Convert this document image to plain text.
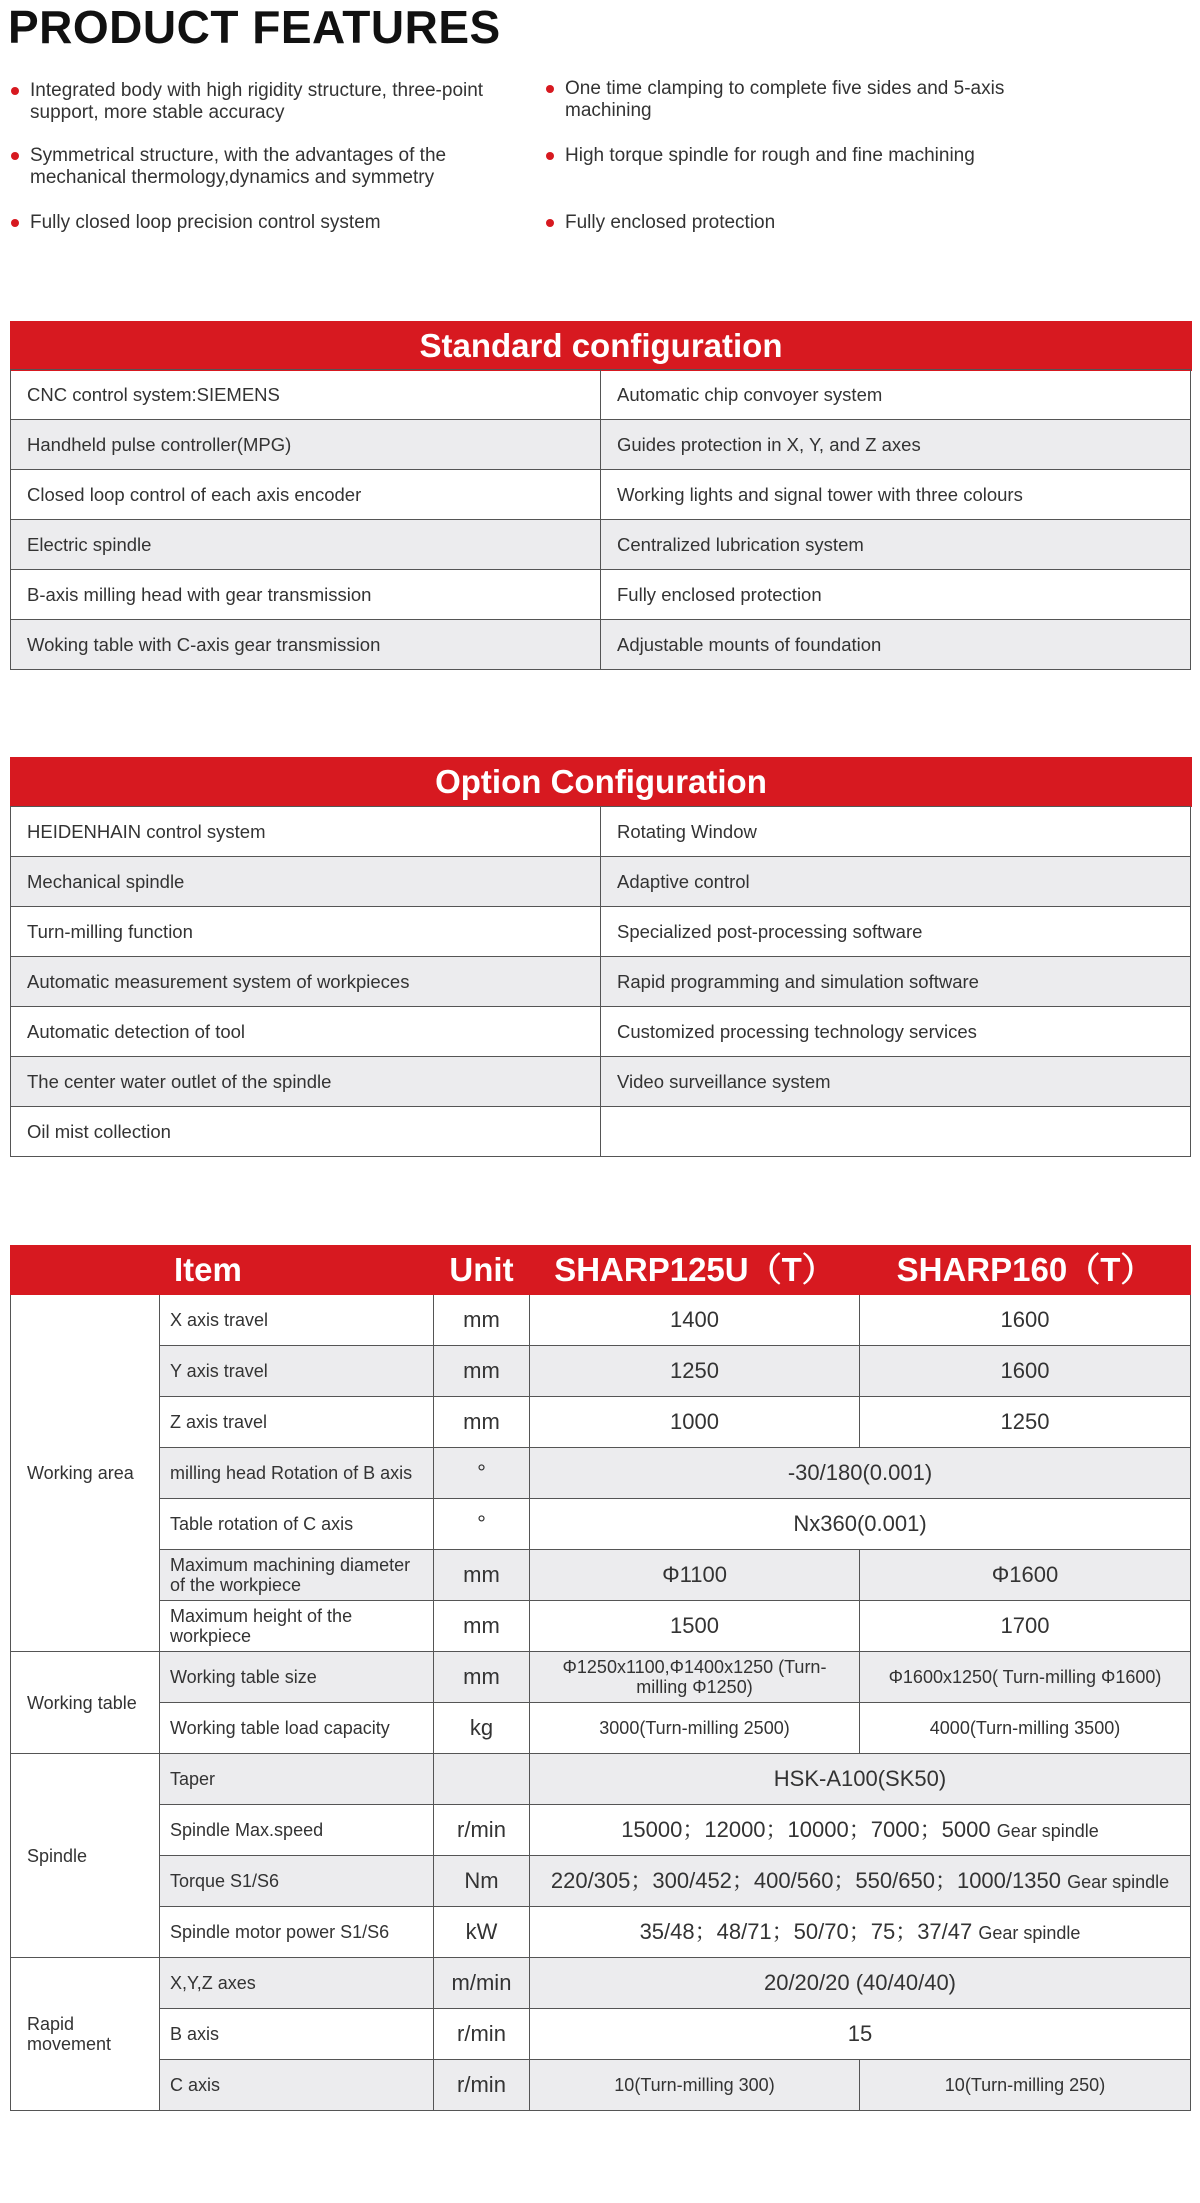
PRODUCT FEATURES
Integrated body with high rigidity structure, three-point support, more stable accuracy
One time clamping to complete five sides and 5-axis machining
Symmetrical structure, with the advantages of the mechanical thermology,dynamics and symmetry
High torque spindle for rough and fine machining
Fully closed loop precision control system	Fully enclosed protection
Standard configuration
CNC control system:SIEMENS	Automatic chip convoyer system
Handheld pulse controller(MPG)	Guides protection in X, Y, and Z axes
Closed loop control of each axis encoder	Working lights and signal tower with three colours
Electric spindle	Centralized lubrication system
B-axis milling head with gear transmission	Fully enclosed protection
Woking table with C-axis gear transmission	Adjustable mounts of foundation
Option Configuration
HEIDENHAIN control system	Rotating Window
Mechanical spindle	Adaptive control
Turn-milling function	Specialized post-processing software
Automatic measurement system of workpieces	Rapid programming and simulation software
Automatic detection of tool	Customized processing technology services
The center water outlet of the spindle	Video surveillance system
Oil mist collection	
	Item	Unit	SHARP125U（T）	SHARP160（T）
Working area	X axis travel	mm	1400	1600
	Y axis travel	mm	1250	1600
	Z axis travel	mm	1000	1250
	milling head Rotation of B axis	°	-30/180(0.001)	
	Table rotation of C axis	°	Nx360(0.001)	
	Maximum machining diameter of the workpiece	mm	Φ1100	Φ1600
	Maximum height of the workpiece	mm	1500	1700
Working table	Working table size	mm	Φ1250x1100,Φ1400x1250 (Turn-milling Φ1250)	Φ1600x1250( Turn-milling Φ1600)
	Working table load capacity	kg	3000(Turn-milling 2500)	4000(Turn-milling 3500)
Spindle	Taper		HSK-A100(SK50)	
	Spindle Max.speed	r/min	15000；12000；10000；7000；5000 Gear spindle	
	Torque S1/S6	Nm	220/305；300/452；400/560；550/650；1000/1350 Gear spindle	
	Spindle motor power S1/S6	kW	35/48；48/71；50/70；75；37/47 Gear spindle	
Rapid movement	X,Y,Z axes	m/min	20/20/20 (40/40/40)	
	B axis	r/min	15	
	C axis	r/min	10(Turn-milling 300)	10(Turn-milling 250)
